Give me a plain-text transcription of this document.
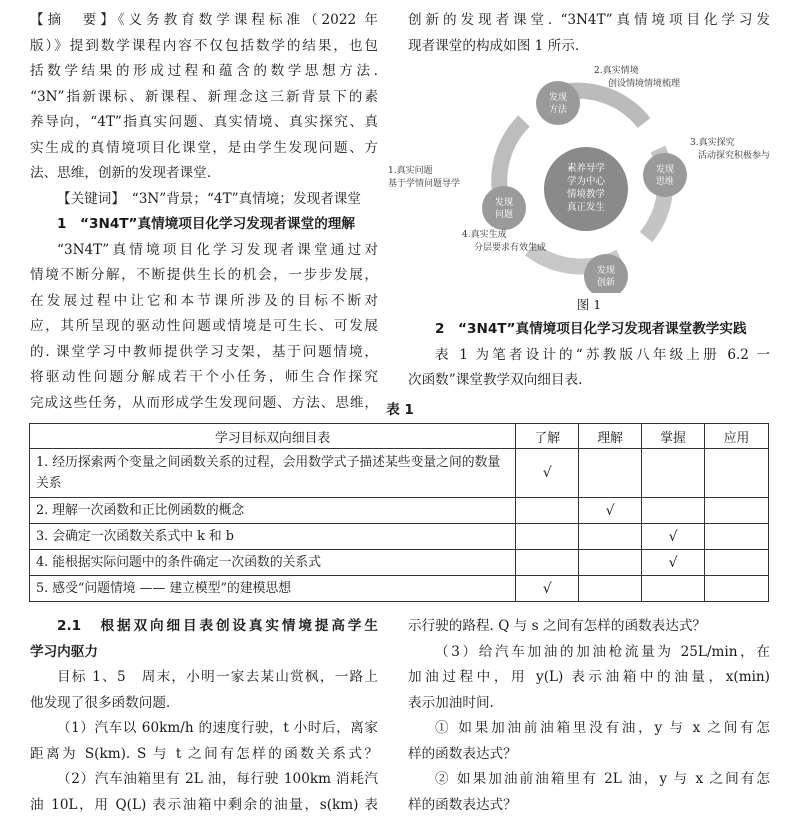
【摘　要】《义务教育数学课程标准（2022 年
版）》提到数学课程内容不仅包括数学的结果，也包
括数学结果的形成过程和蕴含的数学思想方法.
“3N”指新课标、新课程、新理念这三新背景下的素
养导向，“4T”指真实问题、真实情境、真实探究、真
实生成的真情境项目化课堂，是由学生发现问题、方
法、思维，创新的发现者课堂.
【关键词】　“3N”背景；“4T”真情境；发现者课堂
1　“3N4T”真情境项目化学习发现者课堂的理解
“3N4T”真情境项目化学习发现者课堂通过对
情境不断分解，不断提供生长的机会，一步步发展，
在发展过程中让它和本节课所涉及的目标不断对
应，其所呈现的驱动性问题或情境是可生长、可发展
的. 课堂学习中教师提供学习支架，基于问题情境，
将驱动性问题分解成若干个小任务，师生合作探究
完成这些任务，从而形成学生发现问题、方法、思维，
创新的发现者课堂. “3N4T”真情境项目化学习发
现者课堂的构成如图 1 所示.
素养导学
学为中心
情境教学
真正发生
发现
方法
发现
思维
发现
创新
发现
问题
2.真实情境
创设情境情境梳理
3.真实探究
活动探究积极参与
4.真实生成
分层要求有效生成
1.真实问题
基于学情问题导学
图 1
2　“3N4T”真情境项目化学习发现者课堂教学实践
表 1 为笔者设计的“苏教版八年级上册 6.2 一
次函数”课堂教学双向细目表.
表 1
学习目标双向细目表	了解	理解	掌握	应用
1. 经历探索两个变量之间函数关系的过程，会用数学式子描述某些变量之间的数量关系	√			
2. 理解一次函数和正比例函数的概念		√		
3. 会确定一次函数关系式中 k 和 b			√	
4. 能根据实际问题中的条件确定一次函数的关系式			√	
5. 感受“问题情境 —— 建立模型”的建模思想	√			
2.1　根据双向细目表创设真实情境提高学生
学习内驱力
目标 1、5　周末，小明一家去某山赏枫，一路上
他发现了很多函数问题.
（1）汽车以 60km/h 的速度行驶，t 小时后，离家
距离为 S(km). S 与 t 之间有怎样的函数关系式？
（2）汽车油箱里有 2L 油，每行驶 100km 消耗汽
油 10L，用 Q(L) 表示油箱中剩余的油量，s(km) 表
示行驶的路程. Q 与 s 之间有怎样的函数表达式？
（3）给汽车加油的加油枪流量为 25L/min，在
加油过程中，用 y(L) 表示油箱中的油量，x(min)
表示加油时间.
① 如果加油前油箱里没有油，y 与 x 之间有怎
样的函数表达式？
② 如果加油前油箱里有 2L 油，y 与 x 之间有怎
样的函数表达式？
